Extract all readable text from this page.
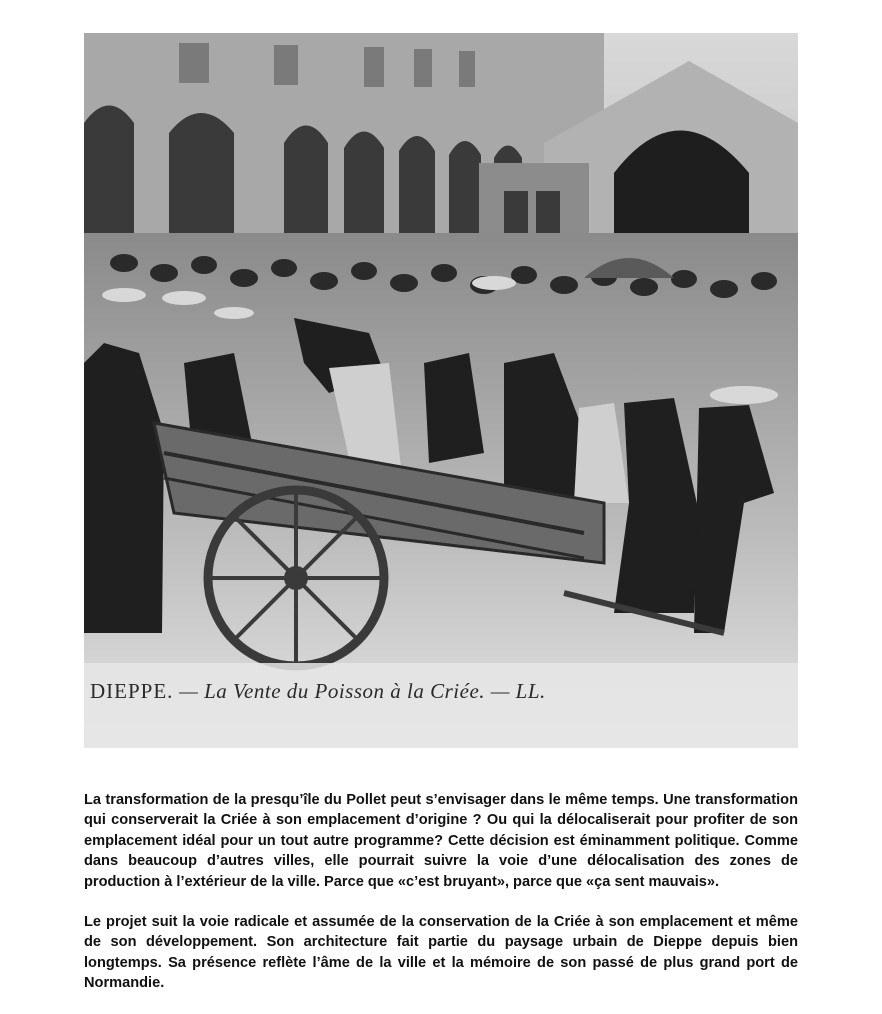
DIEPPE. — La Vente du Poisson à la Criée. — LL.

La transformation de la presqu’île du Pollet peut s’envisager dans le même temps. Une transformation qui conserverait la Criée à son emplacement d’origine ? Ou qui la délocaliserait pour profiter de son emplacement idéal pour un tout autre programme? Cette décision est éminamment politique. Comme dans beaucoup d’autres villes, elle pourrait suivre la voie d’une délocalisation des zones de production à l’extérieur de la ville. Parce que «c’est bruyant», parce que «ça sent mauvais».

Le projet suit la voie radicale et assumée de la conservation de la Criée à son emplacement et même de son développement. Son architecture fait partie du paysage urbain de Dieppe depuis bien longtemps. Sa présence reflète l’âme de la ville et la mémoire de son passé de plus grand port de Normandie.
